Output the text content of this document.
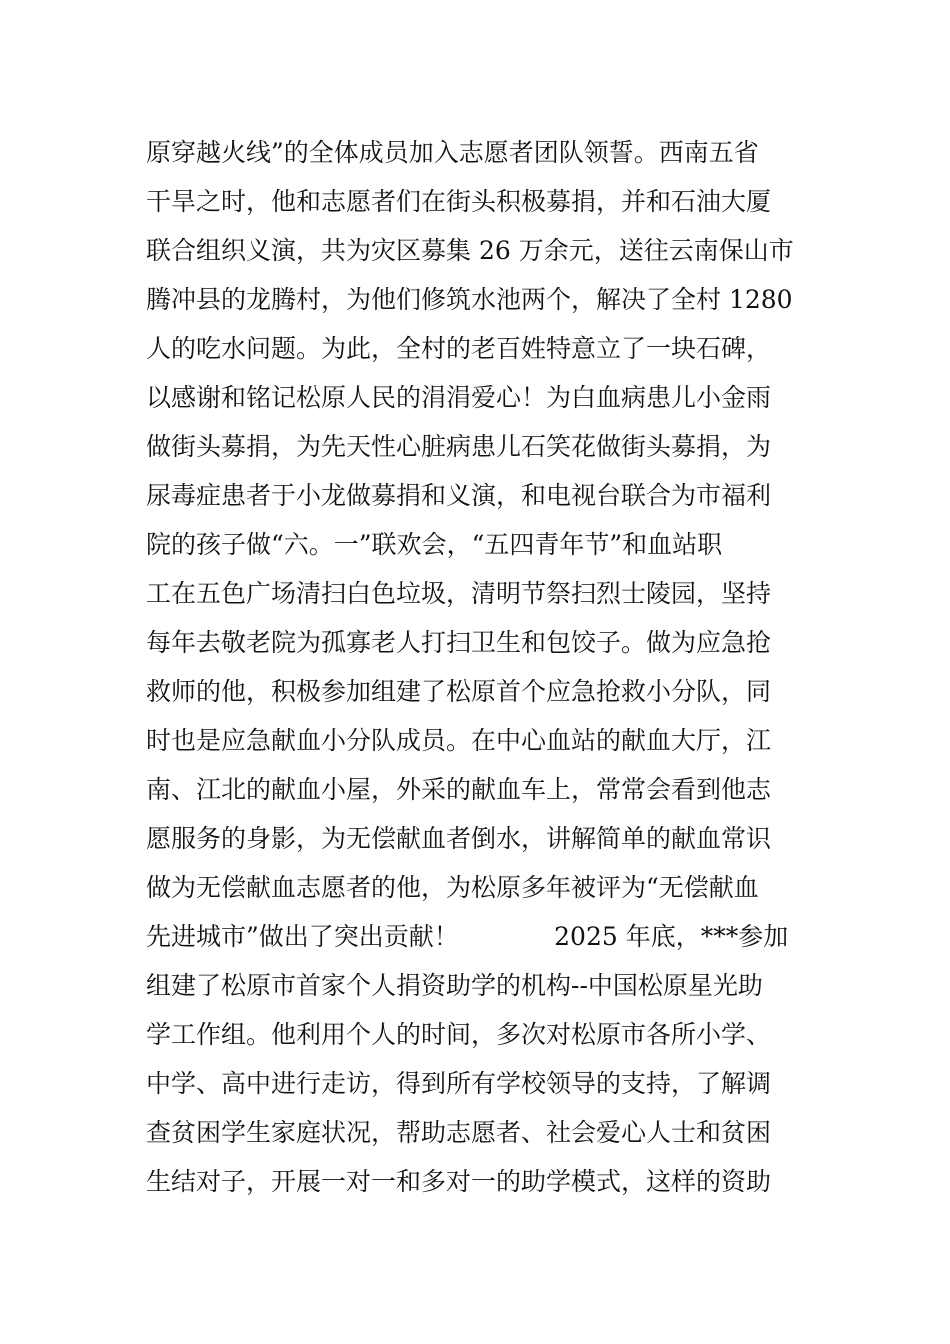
原穿越火线”的全体成员加入志愿者团队领誓。西南五省
干旱之时，他和志愿者们在街头积极募捐，并和石油大厦
联合组织义演，共为灾区募集 26 万余元，送往云南保山市
腾冲县的龙腾村，为他们修筑水池两个，解决了全村 1280
人的吃水问题。为此，全村的老百姓特意立了一块石碑，
以感谢和铭记松原人民的涓涓爱心！为白血病患儿小金雨
做街头募捐，为先天性心脏病患儿石笑花做街头募捐，为
尿毒症患者于小龙做募捐和义演，和电视台联合为市福利
院的孩子做“六。一”联欢会，“五四青年节”和血站职
工在五色广场清扫白色垃圾，清明节祭扫烈士陵园，坚持
每年去敬老院为孤寡老人打扫卫生和包饺子。做为应急抢
救师的他，积极参加组建了松原首个应急抢救小分队，同
时也是应急献血小分队成员。在中心血站的献血大厅，江
南、江北的献血小屋，外采的献血车上，常常会看到他志
愿服务的身影，为无偿献血者倒水，讲解简单的献血常识
做为无偿献血志愿者的他，为松原多年被评为“无偿献血
先进城市”做出了突出贡献！            2025 年底，***参加
组建了松原市首家个人捐资助学的机构--中国松原星光助
学工作组。他利用个人的时间，多次对松原市各所小学、
中学、高中进行走访，得到所有学校领导的支持，了解调
查贫困学生家庭状况，帮助志愿者、社会爱心人士和贫困
生结对子，开展一对一和多对一的助学模式，这样的资助
